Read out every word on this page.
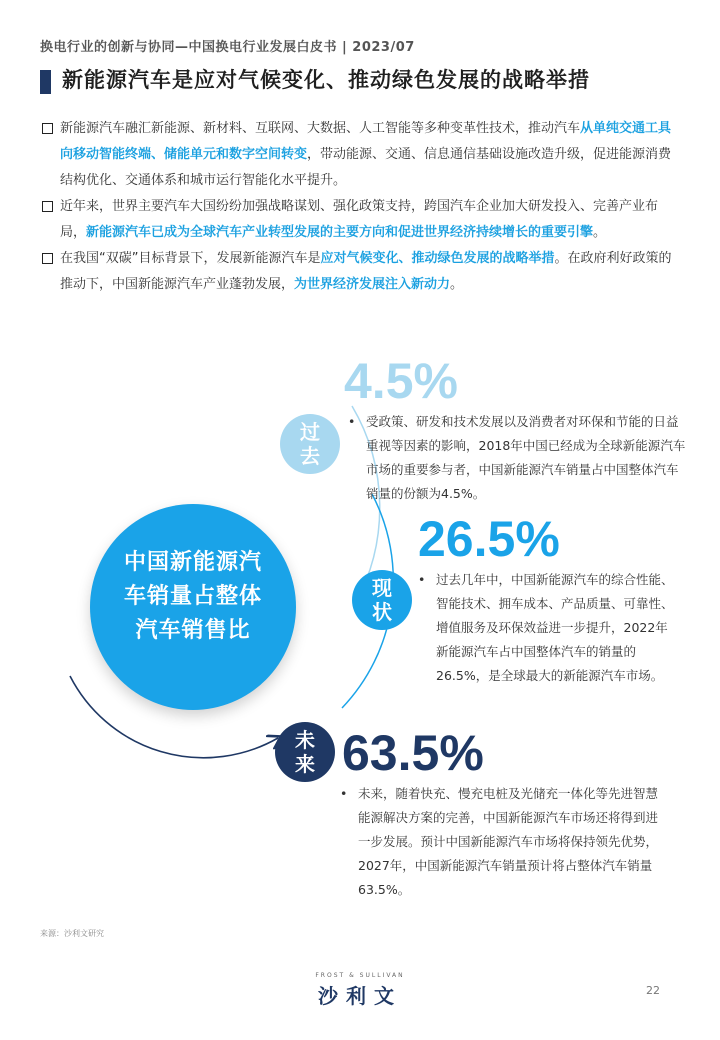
换电行业的创新与协同—中国换电行业发展白皮书 | 2023/07
新能源汽车是应对气候变化、推动绿色发展的战略举措

新能源汽车融汇新能源、新材料、互联网、大数据、人工智能等多种变革性技术，推动汽车从单纯交通工具向移动智能终端、储能单元和数字空间转变，带动能源、交通、信息通信基础设施改造升级，促进能源消费结构优化、交通体系和城市运行智能化水平提升。

近年来，世界主要汽车大国纷纷加强战略谋划、强化政策支持，跨国汽车企业加大研发投入、完善产业布局，新能源汽车已成为全球汽车产业转型发展的主要方向和促进世界经济持续增长的重要引擎。

在我国“双碳”目标背景下，发展新能源汽车是应对气候变化、推动绿色发展的战略举措。在政府利好政策的推动下，中国新能源汽车产业蓬勃发展，为世界经济发展注入新动力。

中国新能源汽
车销量占整体
汽车销售比
过
去
4.5%
• 受政策、研发和技术发展以及消费者对环保和节能的日益重视等因素的影响，2018年中国已经成为全球新能源汽车市场的重要参与者，中国新能源汽车销量占中国整体汽车销量的份额为4.5%。
现
状
26.5%
• 过去几年中，中国新能源汽车的综合性能、智能技术、拥车成本、产品质量、可靠性、增值服务及环保效益进一步提升，2022年新能源汽车占中国整体汽车的销量的26.5%，是全球最大的新能源汽车市场。
未
来 63.5%
• 未来，随着快充、慢充电桩及光储充一体化等先进智慧能源解决方案的完善，中国新能源汽车市场还将得到进一步发展。预计中国新能源汽车市场将保持领先优势，2027年，中国新能源汽车销量预计将占整体汽车销量63.5%。
来源：沙利文研究
FROST & SULLIVAN
沙利文	22
